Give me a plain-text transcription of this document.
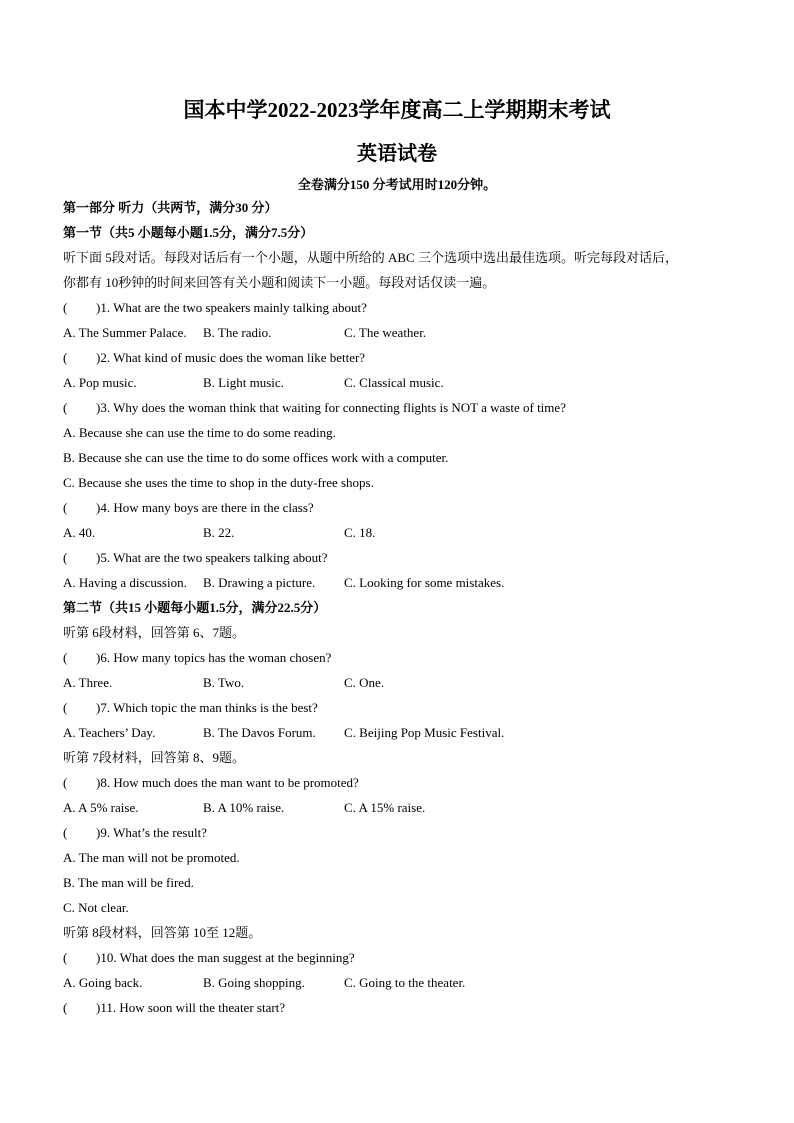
国本中学2022-2023学年度高二上学期期末考试
英语试卷
全卷满分150 分考试用时120分钟。
第一部分 听力（共两节，满分30 分）
第一节（共5 小题每小题1.5分，满分7.5分）
听下面 5段对话。每段对话后有一个小题，从题中所给的 ABC 三个选项中选出最佳选项。听完每段对话后，
你都有 10秒钟的时间来回答有关小题和阅读下一小题。每段对话仅读一遍。
( )1. What are the two speakers mainly talking about?
A. The Summer Palace. B. The radio.	C. The weather.
( )2. What kind of music does the woman like better?
A. Pop music.	B. Light music.	C. Classical music.
( )3. Why does the woman think that waiting for connecting flights is NOT a waste of time?
A. Because she can use the time to do some reading.
B. Because she can use the time to do some offices work with a computer.
C. Because she uses the time to shop in the duty-free shops.
( )4. How many boys are there in the class?
A. 40.	B. 22.	C. 18.
( )5. What are the two speakers talking about?
A. Having a discussion. B. Drawing a picture. C. Looking for some mistakes.
第二节（共15 小题每小题1.5分，满分22.5分）
听第 6段材料，回答第 6、7题。
( )6. How many topics has the woman chosen?
A. Three.	B. Two.	C. One.
( )7. Which topic the man thinks is the best?
A. Teachers’ Day.	B. The Davos Forum. C. Beijing Pop Music Festival.
听第 7段材料，回答第 8、9题。
( )8. How much does the man want to be promoted?
A. A 5% raise.	B. A 10% raise.	C. A 15% raise.
( )9. What’s the result?
A. The man will not be promoted.
B. The man will be fired.
C. Not clear.
听第 8段材料，回答第 10至 12题。
( )10. What does the man suggest at the beginning?
A. Going back.	B. Going shopping.	C. Going to the theater.
( )11. How soon will the theater start?
